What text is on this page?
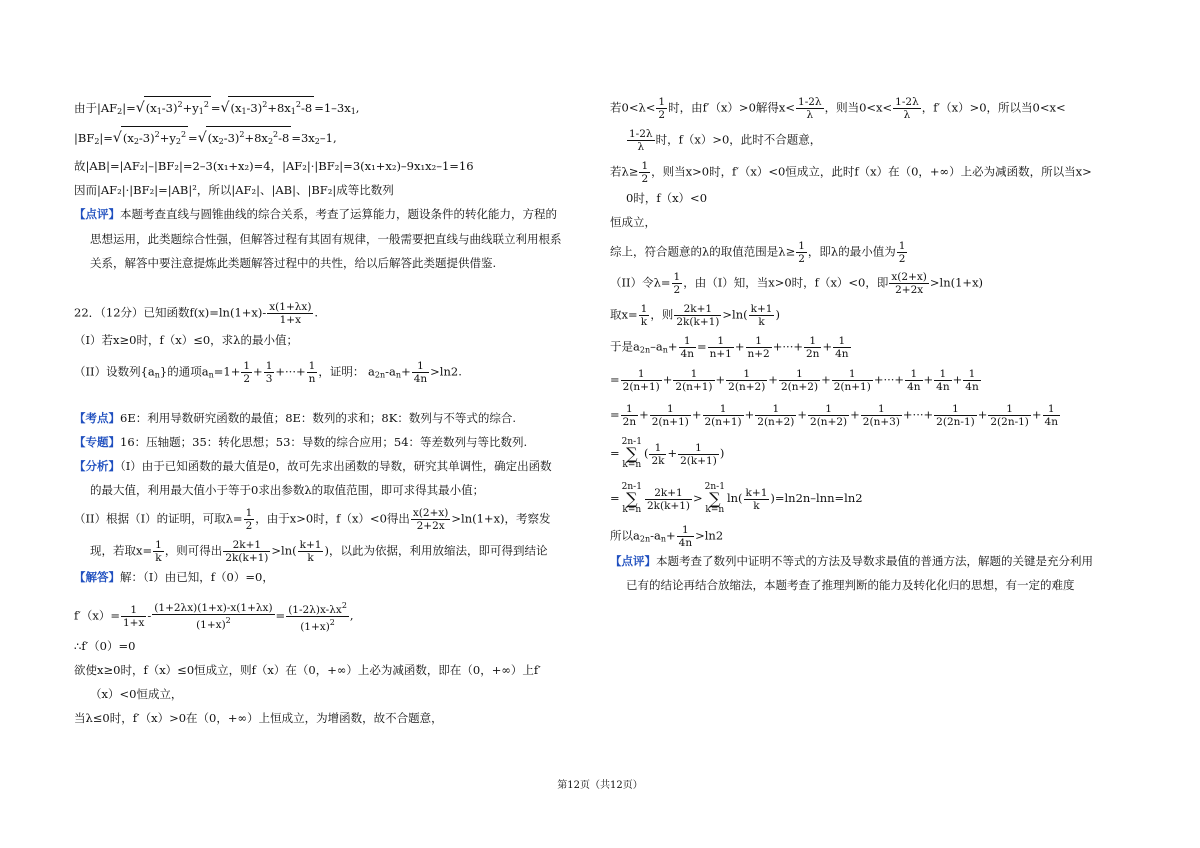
由于$|AF_2|=√(x_1-3)^2+y_1^2 =√(x_1-3)^2+8x_1^2-8 =1-3x_1$,
$|BF_2|=√(x_2-3)^2+y_2^2 =√(x_2-3)^2+8x_2^2-8 =3x_2-1$,
故|AB|=|AF₂|–|BF₂|=2–3(x₁+x₂)=4，|AF₂|·|BF₂|=3(x₁+x₂)–9x₁x₂–1=16
因而|AF₂|·|BF₂|=|AB|²，所以|AF₂|、|AB|、|BF₂|成等比数列
【点评】本题考查直线与圆锥曲线的综合关系，考查了运算能力，题设条件的转化能力，方程的
思想运用，此类题综合性强，但解答过程有其固有规律，一般需要把直线与曲线联立利用根系
关系，解答中要注意提炼此类题解答过程中的共性，给以后解答此类题提供借鉴.
22．（12分）已知函数$f(x)=\ln(1+x)- \frac{x(1+\lambda x)}{1+x}$ .
（I）若x≥0时，f（x）≤0，求λ的最小值；
（II）设数列$\{a_n\}$的通项$a_n=1+ \frac{1}{2} + \frac{1}{3}$ +···+ $\frac{1}{n}$ ，证明： $a_{2n}-a_n+ \frac{1}{4n} >\ln 2$.
【考点】6E：利用导数研究函数的最值；8E：数列的求和；8K：数列与不等式的综合.
【专题】16：压轴题；35：转化思想；53：导数的综合应用；54：等差数列与等比数列.
【分析】（I）由于已知函数的最大值是0，故可先求出函数的导数，研究其单调性，确定出函数
的最大值，利用最大值小于等于0求出参数λ的取值范围，即可求得其最小值；
（II）根据（I）的证明，可取$\lambda= \frac{1}{2}$ ，由于x>0时，f（x）<0得出 $\frac{x(2+x)}{2+2x} >\ln(1+x)$，考察发
现，若取$x= \frac{1}{k}$ ，则可得出 $\frac{2k+1}{2k(k+1)} >\ln( \frac{k+1}{k}$ )，以此为依据，利用放缩法，即可得到结论
【解答】解：（I）由已知，f（0）=0，
$f'(x)= \frac{1}{1+x} - \frac{(1+2\lambda x)(1+x)-x(1+\lambda x)}{(1+x)^2} = \frac{(1-2\lambda)x-\lambda x^2}{(1+x)^2}$ ,
∴f′（0）=0
欲使x≥0时，f（x）≤0恒成立，则f（x）在（0，+∞）上必为减函数，即在（0，+∞）上f′
（x）<0恒成立，
当λ≤0时，f′（x）>0在（0，+∞）上恒成立，为增函数，故不合题意，
若$0<\lambda< \frac{1}{2}$ 时，由f′（x）>0解得$x< \frac{1-2\lambda}{\lambda}$ ，则当$0<x< \frac{1-2\lambda}{\lambda}$ ，f′（x）>0，所以当0<x<
$\frac{1-2\lambda}{\lambda}$ 时，f（x）>0，此时不合题意，
若$\lambda\ge \frac{1}{2}$ ，则当x>0时，f′（x）<0恒成立，此时f（x）在（0，+∞）上必为减函数，所以当x>
0时，f（x）<0
恒成立，
综上，符合题意的λ的取值范围是$\lambda\ge \frac{1}{2}$ ，即λ的最小值为 $\frac{1}{2}$
（II）令$\lambda= \frac{1}{2}$ ，由（I）知，当x>0时，f（x）<0，即 $\frac{x(2+x)}{2+2x} >\ln(1+x)$
取$x= \frac{1}{k}$ ，则 $\frac{2k+1}{2k(k+1)} >\ln( \frac{k+1}{k}$ )
于是$a_{2n}-a_n+ \frac{1}{4n} = \frac{1}{n+1} + \frac{1}{n+2}$ +···+ $\frac{1}{2n} + \frac{1}{4n}$
= $\frac{1}{2(n+1)} + \frac{1}{2(n+1)} + \frac{1}{2(n+2)} + \frac{1}{2(n+2)} + \frac{1}{2(n+1)}$ +···+ $\frac{1}{4n} + \frac{1}{4n} + \frac{1}{4n}$
= $\frac{1}{2n} + \frac{1}{2(n+1)} + \frac{1}{2(n+1)} + \frac{1}{2(n+2)} + \frac{1}{2(n+2)} + \frac{1}{2(n+3)}$ +···+ $\frac{1}{2(2n-1)} + \frac{1}{2(2n-1)} + \frac{1}{4n}$
=2n-1
∑
$k=n( \frac{1}{2k} + \frac{1}{2(k+1)}$ )
=2n-1
∑
$k=n \frac{2k+1}{2k(k+1)} >2n-1$
∑
$k=nln( \frac{k+1}{k} )=\ln 2n-\ln n=\ln 2$
所以$a_{2n}-a_n+ \frac{1}{4n} >\ln 2$
【点评】本题考查了数列中证明不等式的方法及导数求最值的普通方法，解题的关键是充分利用
已有的结论再结合放缩法，本题考查了推理判断的能力及转化化归的思想，有一定的难度
第12页（共12页）
